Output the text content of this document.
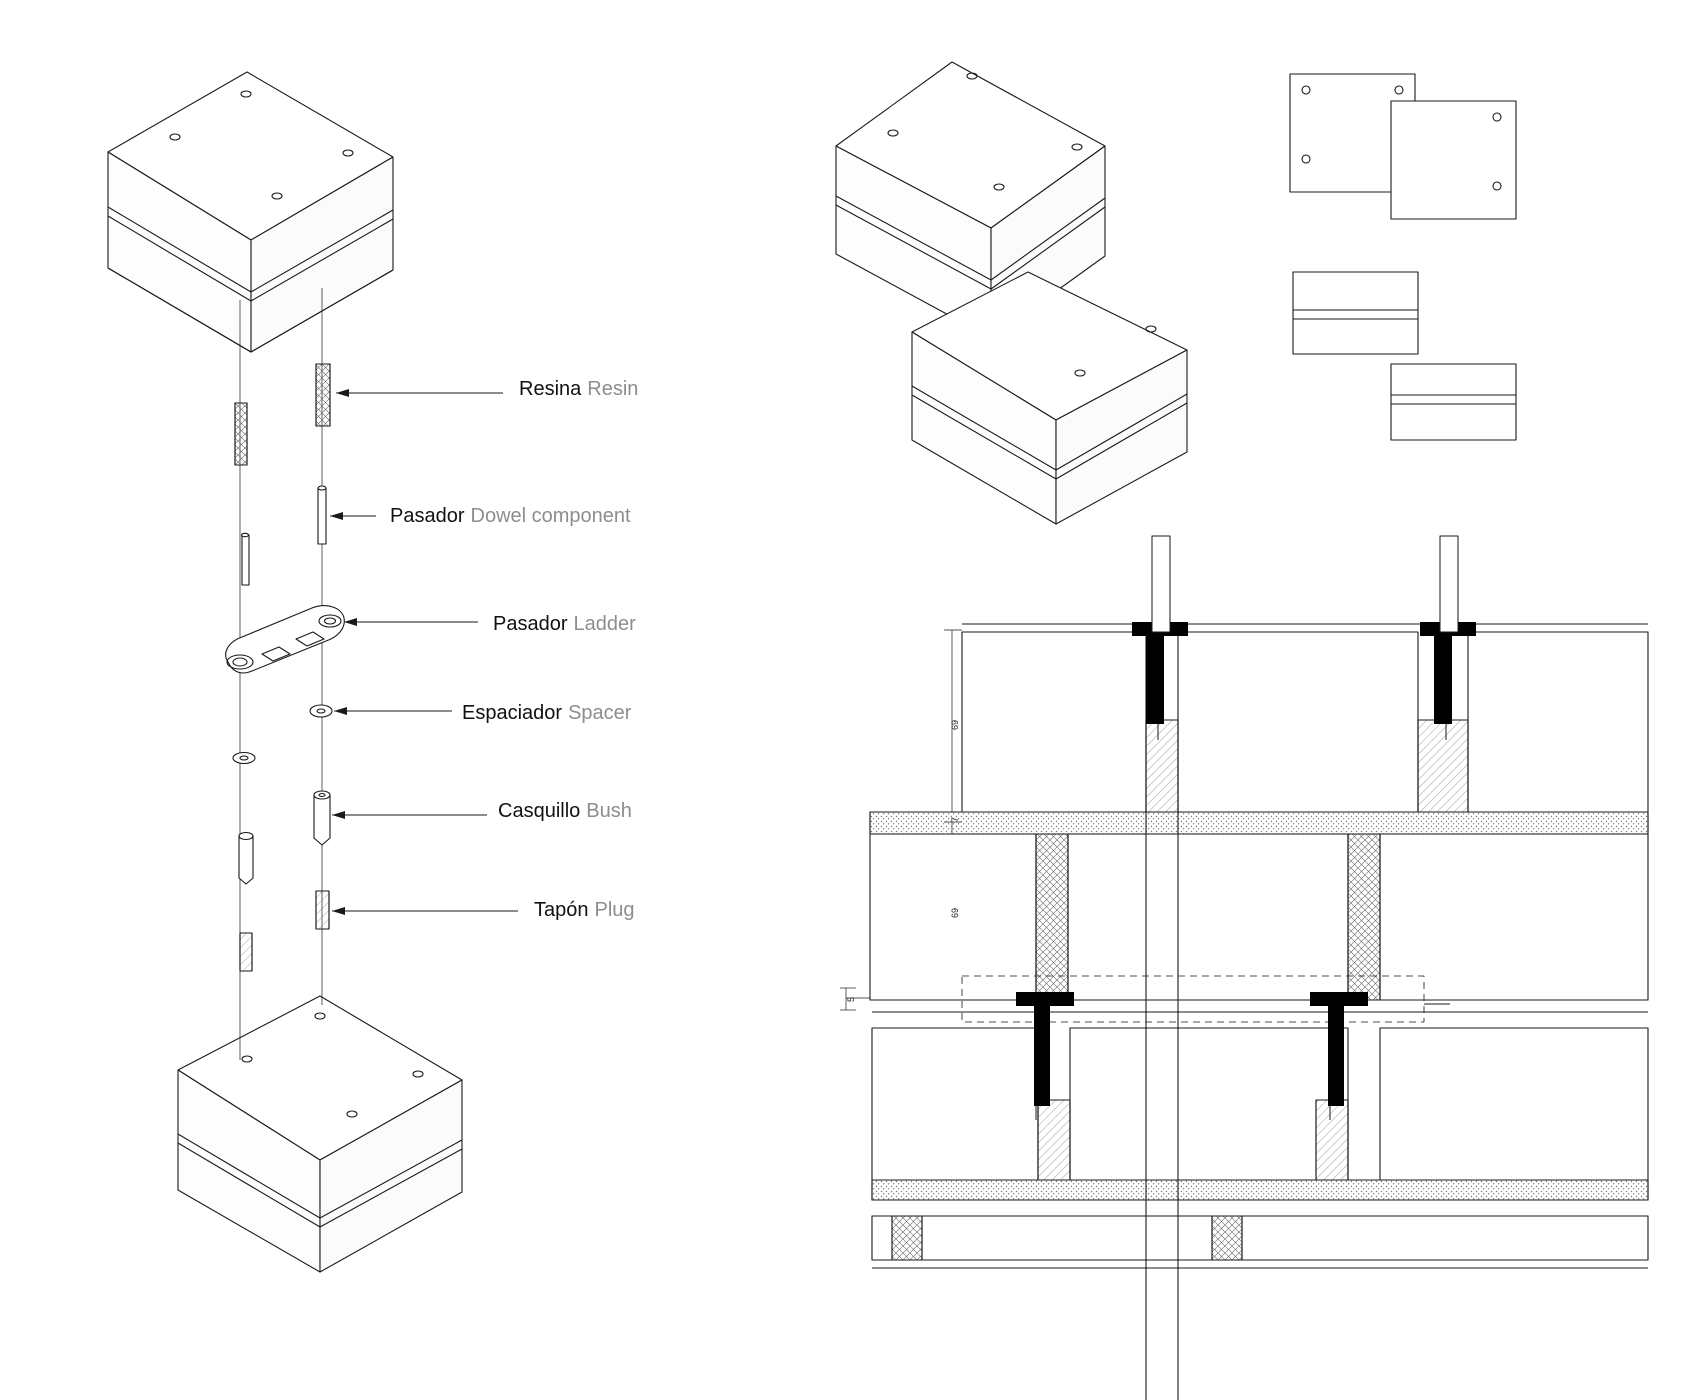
Resina Resin
Pasador Dowel component
Pasador Ladder
Espaciador Spacer
Casquillo Bush
Tapón Plug
69
7
69
5
